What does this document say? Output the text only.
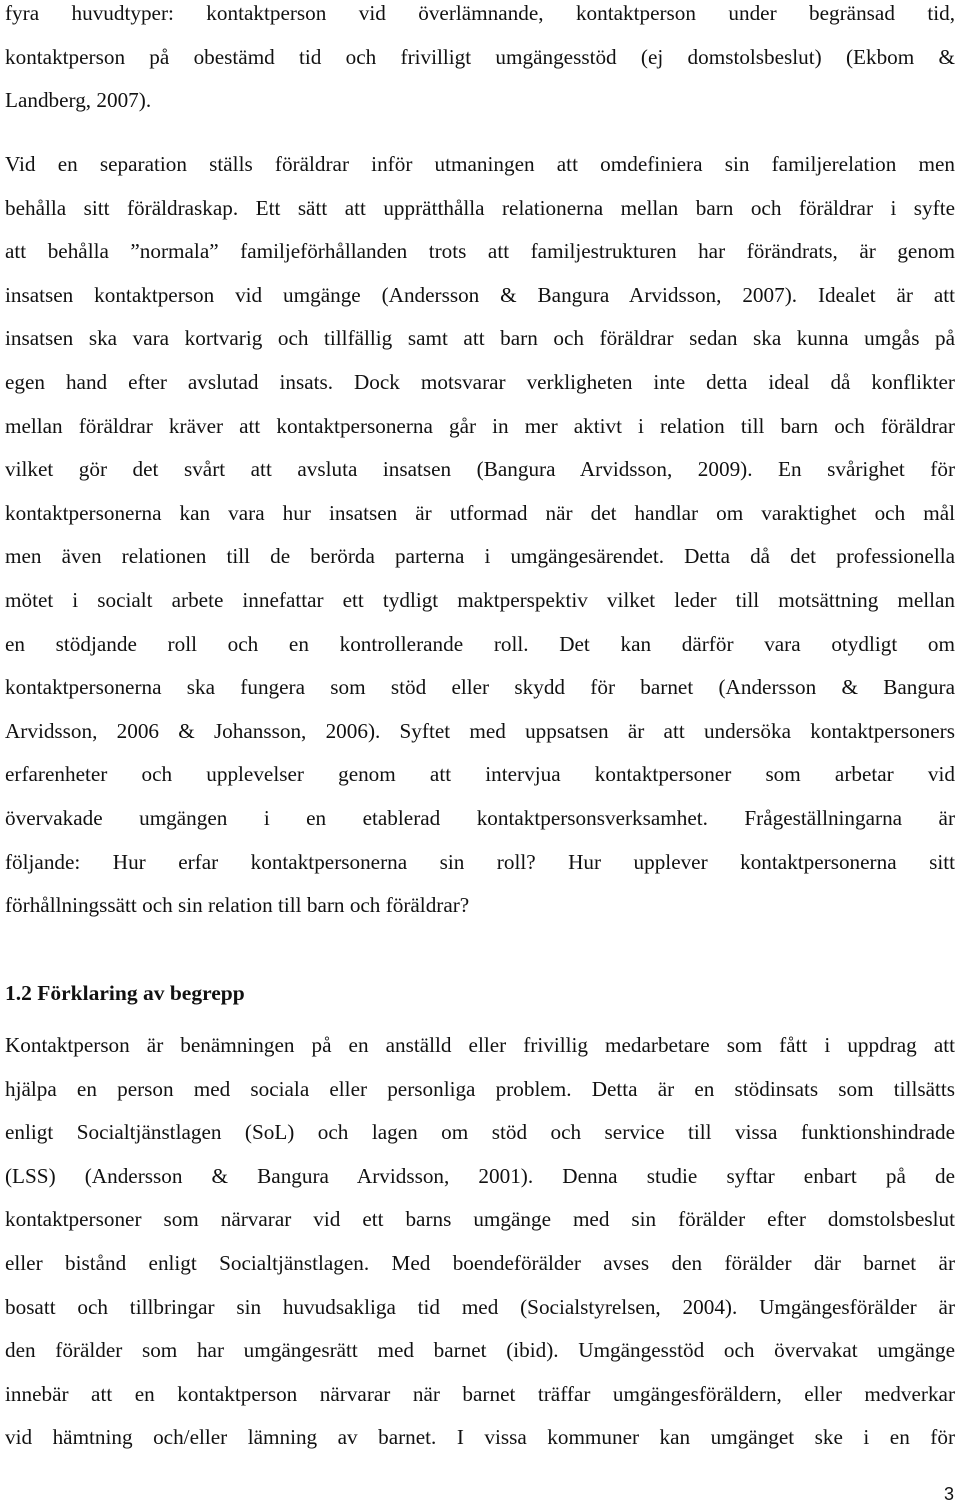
fyra huvudtyper: kontaktperson vid överlämnande, kontaktperson under begränsad tid,
kontaktperson på obestämd tid och frivilligt umgängesstöd (ej domstolsbeslut) (Ekbom &
Landberg, 2007).
Vid en separation ställs föräldrar inför utmaningen att omdefiniera sin familjerelation men
behålla sitt föräldraskap. Ett sätt att upprätthålla relationerna mellan barn och föräldrar i syfte
att behålla ”normala” familjeförhållanden trots att familjestrukturen har förändrats, är genom
insatsen kontaktperson vid umgänge (Andersson & Bangura Arvidsson, 2007). Idealet är att
insatsen ska vara kortvarig och tillfällig samt att barn och föräldrar sedan ska kunna umgås på
egen hand efter avslutad insats. Dock motsvarar verkligheten inte detta ideal då konflikter
mellan föräldrar kräver att kontaktpersonerna går in mer aktivt i relation till barn och föräldrar
vilket gör det svårt att avsluta insatsen (Bangura Arvidsson, 2009). En svårighet för
kontaktpersonerna kan vara hur insatsen är utformad när det handlar om varaktighet och mål
men även relationen till de berörda parterna i umgängesärendet. Detta då det professionella
mötet i socialt arbete innefattar ett tydligt maktperspektiv vilket leder till motsättning mellan
en stödjande roll och en kontrollerande roll. Det kan därför vara otydligt om
kontaktpersonerna ska fungera som stöd eller skydd för barnet (Andersson & Bangura
Arvidsson, 2006 & Johansson, 2006). Syftet med uppsatsen är att undersöka kontaktpersoners
erfarenheter och upplevelser genom att intervjua kontaktpersoner som arbetar vid
övervakade umgängen i en etablerad kontaktpersonsverksamhet. Frågeställningarna är
följande: Hur erfar kontaktpersonerna sin roll? Hur upplever kontaktpersonerna sitt
förhållningssätt och sin relation till barn och föräldrar?
1.2 Förklaring av begrepp
Kontaktperson är benämningen på en anställd eller frivillig medarbetare som fått i uppdrag att
hjälpa en person med sociala eller personliga problem. Detta är en stödinsats som tillsätts
enligt Socialtjänstlagen (SoL) och lagen om stöd och service till vissa funktionshindrade
(LSS) (Andersson & Bangura Arvidsson, 2001). Denna studie syftar enbart på de
kontaktpersoner som närvarar vid ett barns umgänge med sin förälder efter domstolsbeslut
eller bistånd enligt Socialtjänstlagen. Med boendeförälder avses den förälder där barnet är
bosatt och tillbringar sin huvudsakliga tid med (Socialstyrelsen, 2004). Umgängesförälder är
den förälder som har umgängesrätt med barnet (ibid). Umgängesstöd och övervakat umgänge
innebär att en kontaktperson närvarar när barnet träffar umgängesföräldern, eller medverkar
vid hämtning och/eller lämning av barnet. I vissa kommuner kan umgänget ske i en för
3
